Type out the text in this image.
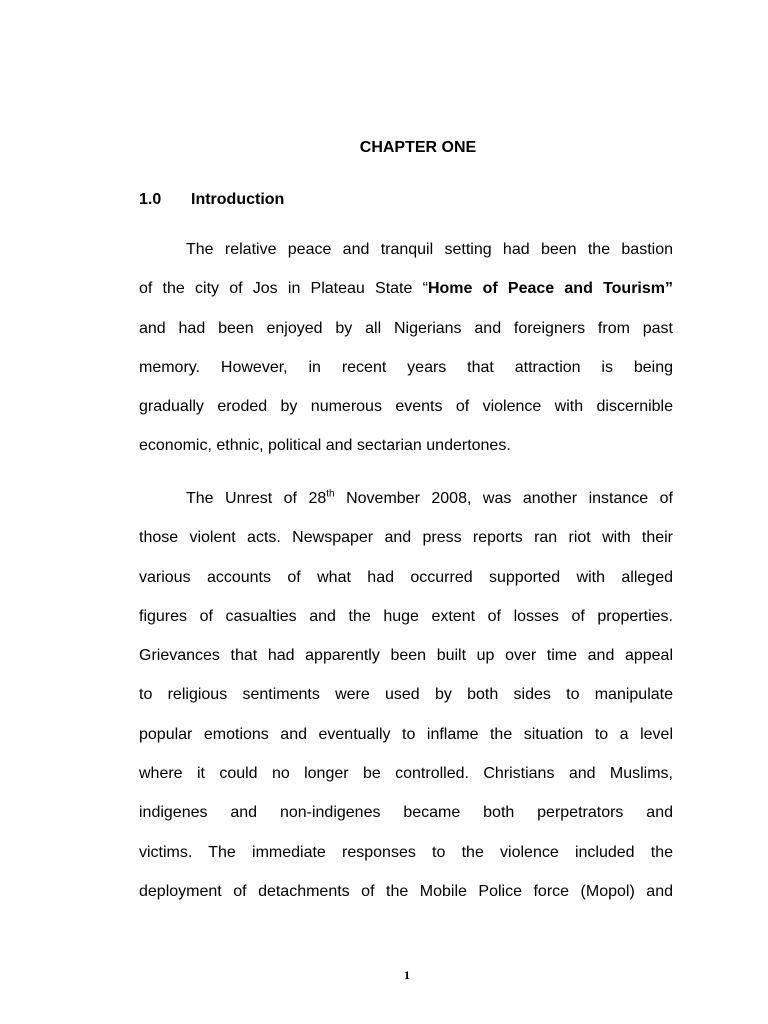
CHAPTER ONE
1.0 Introduction
The relative peace and tranquil setting had been the bastion
of the city of Jos in Plateau State “Home of Peace and Tourism”
and had been enjoyed by all Nigerians and foreigners from past
memory. However, in recent years that attraction is being
gradually eroded by numerous events of violence with discernible
economic, ethnic, political and sectarian undertones.
The Unrest of 28th November 2008, was another instance of
those violent acts. Newspaper and press reports ran riot with their
various accounts of what had occurred supported with alleged
figures of casualties and the huge extent of losses of properties.
Grievances that had apparently been built up over time and appeal
to religious sentiments were used by both sides to manipulate
popular emotions and eventually to inflame the situation to a level
where it could no longer be controlled. Christians and Muslims,
indigenes and non-indigenes became both perpetrators and
victims. The immediate responses to the violence included the
deployment of detachments of the Mobile Police force (Mopol) and
1
